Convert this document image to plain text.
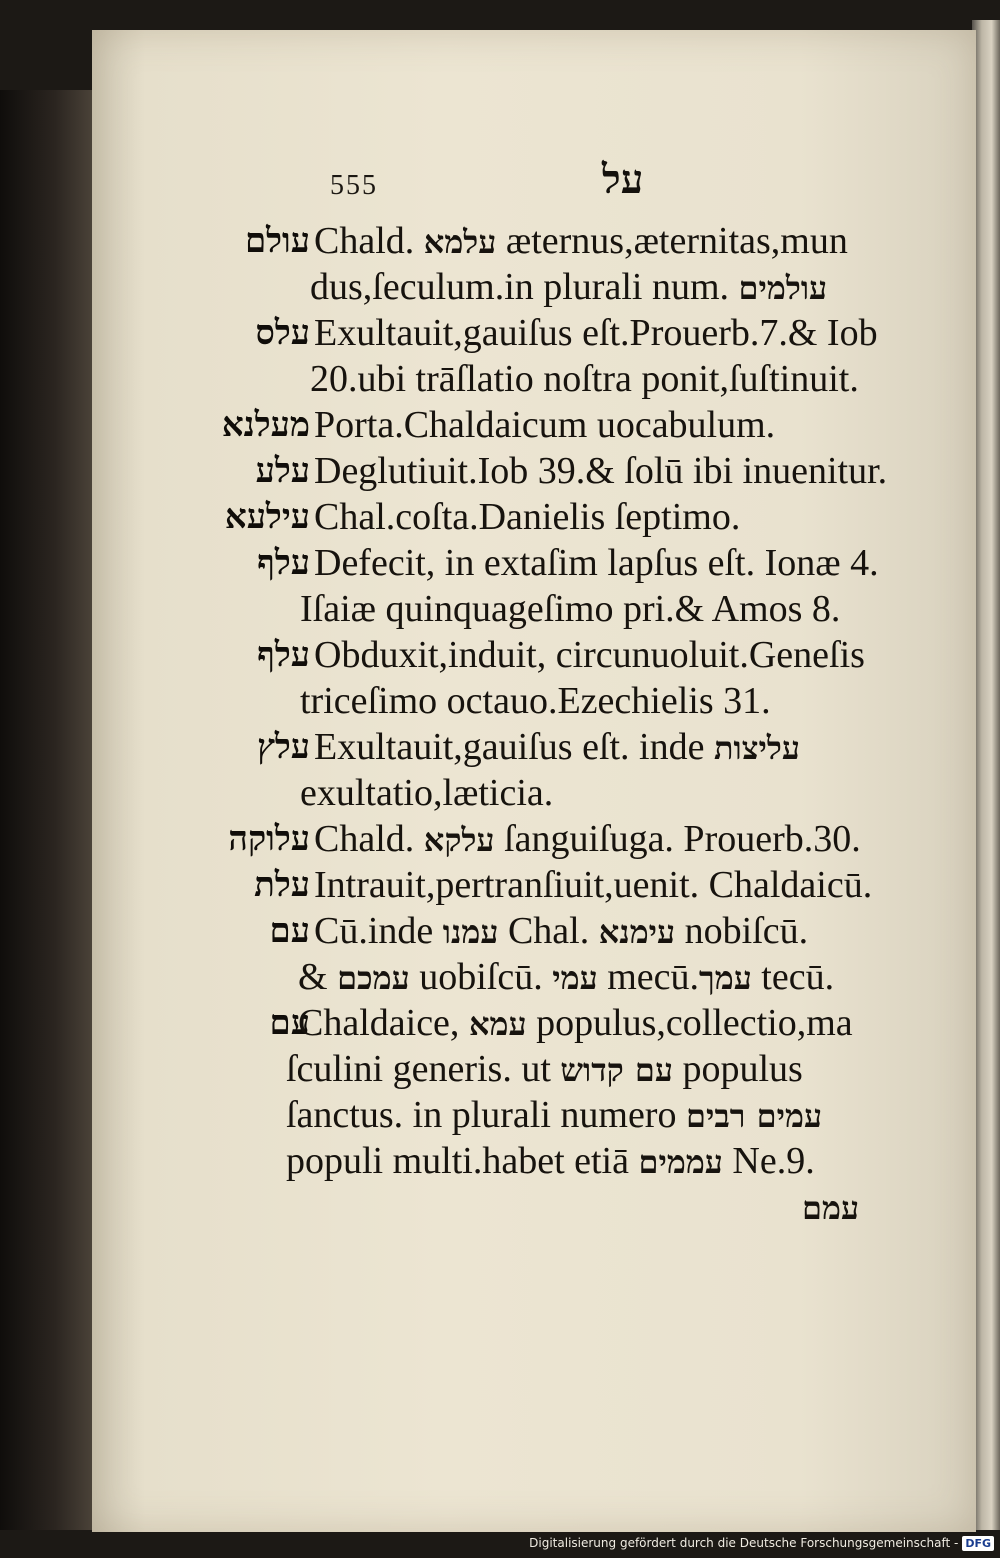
555	על
עולם Chald. עלמא æternus,æternitas,mun
dus,ſeculum.in plurali num. עולמים
עלס Exultauit,gauiſus eſt.Prouerb.7.& Iob
20.ubi trāſlatio noſtra ponit,ſuſtinuit.
מעלנא Porta.Chaldaicum uocabulum.
עלע Deglutiuit.Iob 39.& ſolū ibi inuenitur.
עילעא Chal.coſta.Danielis ſeptimo.
עלף Defecit, in extaſim lapſus eſt. Ionæ 4.
Iſaiæ quinquageſimo pri.& Amos 8.
עלף Obduxit,induit, circunuoluit.Geneſis
triceſimo octauo.Ezechielis 31.
עלץ Exultauit,gauiſus eſt. inde עליצות
exultatio,læticia.
עלוקה Chald. עלקא ſanguiſuga. Prouerb.30.
עלת Intrauit,pertranſiuit,uenit. Chaldaicū.
עם Cū.inde עמנו Chal. עימנא nobiſcū.
& עמכם uobiſcū. עמי mecū.עמך tecū.
עם
Chaldaice, עמא populus,collectio,ma
ſculini generis. ut עם קדוש populus
ſanctus. in plurali numero עמים רבים
populi multi.habet etiā עממים Ne.9.
עמם
Digitalisierung gefördert durch die Deutsche Forschungsgemeinschaft - DFG
